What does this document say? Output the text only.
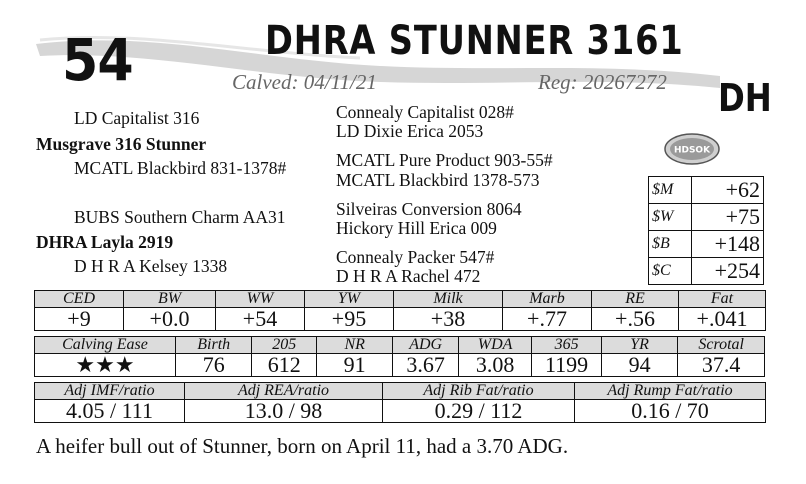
54	DHRA STUNNER 3161
Calved: 04/11/21	Reg: 20267272 DH
LD Capitalist 316
Musgrave 316 Stunner
MCATL Blackbird 831-1378#
BUBS Southern Charm AA31
DHRA Layla 2919
D H R A Kelsey 1338
Connealy Capitalist 028#
LD Dixie Erica 2053
MCATL Pure Product 903-55#
MCATL Blackbird 1378-573
Silveiras Conversion 8064
Hickory Hill Erica 009
Connealy Packer 547#
D H R A Rachel 472
HDSOK
$M	+62
$W	+75
$B	+148
$C	+254
CED	BW	WW	YW	Milk	Marb	RE	Fat
+9	+0.0	+54	+95	+38	+.77	+.56	+.041
Calving Ease	Birth	205	NR	ADG	WDA	365	YR	Scrotal
★★★	76	612	91	3.67	3.08	1199	94	37.4
Adj IMF/ratio	Adj REA/ratio	Adj Rib Fat/ratio	Adj Rump Fat/ratio
4.05 / 111	13.0 / 98	0.29 / 112	0.16 / 70
A heifer bull out of Stunner, born on April 11, had a 3.70 ADG.
